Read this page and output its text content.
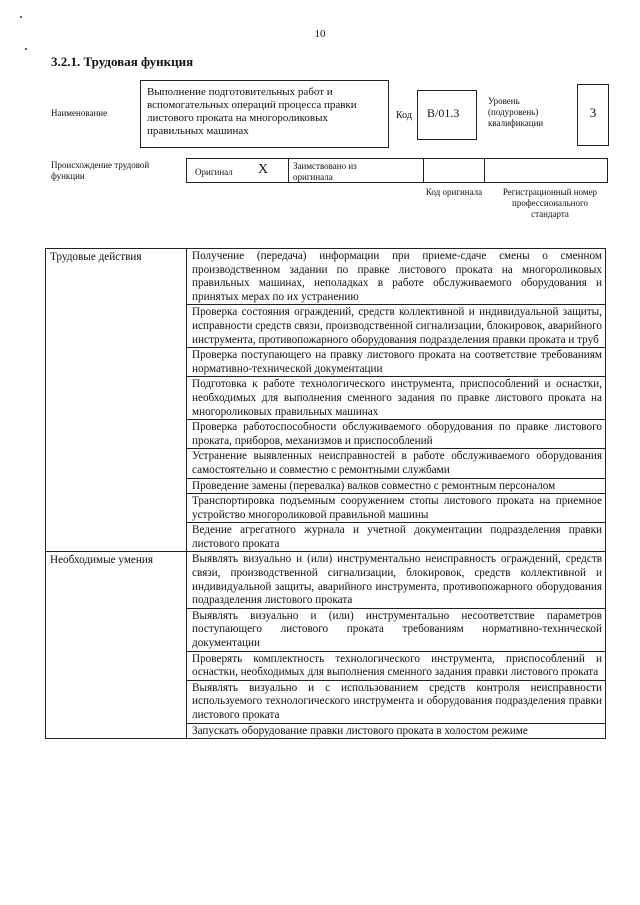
10
3.2.1. Трудовая функция
Наименование
Выполнение подготовительных работ и вспомогательных операций процесса правки листового проката на многороликовых правильных машинах
Код B/01.3
Уровень (подуровень) квалификации
3
Происхождение трудовой функции	Оригинал X	Заимствовано из оригинала
Код оригинала	Регистрационный номер профессионального стандарта
Трудовые действия	Получение (передача) информации при приеме-сдаче смены о сменном производственном задании по правке листового проката на многороликовых правильных машинах, неполадках в работе обслуживаемого оборудования и принятых мерах по их устранению
	Проверка состояния ограждений, средств коллективной и индивидуальной защиты, исправности средств связи, производственной сигнализации, блокировок, аварийного инструмента, противопожарного оборудования подразделения правки проката и труб
	Проверка поступающего на правку листового проката на соответствие требованиям нормативно-технической документации
	Подготовка к работе технологического инструмента, приспособлений и оснастки, необходимых для выполнения сменного задания по правке листового проката на многороликовых правильных машинах
	Проверка работоспособности обслуживаемого оборудования по правке листового проката, приборов, механизмов и приспособлений
	Устранение выявленных неисправностей в работе обслуживаемого оборудования самостоятельно и совместно с ремонтными службами
	Проведение замены (перевалка) валков совместно с ремонтным персоналом
	Транспортировка подъемным сооружением стопы листового проката на приемное устройство многороликовой правильной машины
	Ведение агрегатного журнала и учетной документации подразделения правки листового проката
Необходимые умения	Выявлять визуально и (или) инструментально неисправность ограждений, средств связи, производственной сигнализации, блокировок, средств коллективной и индивидуальной защиты, аварийного инструмента, противопожарного оборудования подразделения листового проката
	Выявлять визуально и (или) инструментально несоответствие параметров поступающего листового проката требованиям нормативно-технической документации
	Проверять комплектность технологического инструмента, приспособлений и оснастки, необходимых для выполнения сменного задания правки листового проката
	Выявлять визуально и с использованием средств контроля неисправности используемого технологического инструмента и оборудования подразделения правки листового проката

	Запускать оборудование правки листового проката в холостом режиме
